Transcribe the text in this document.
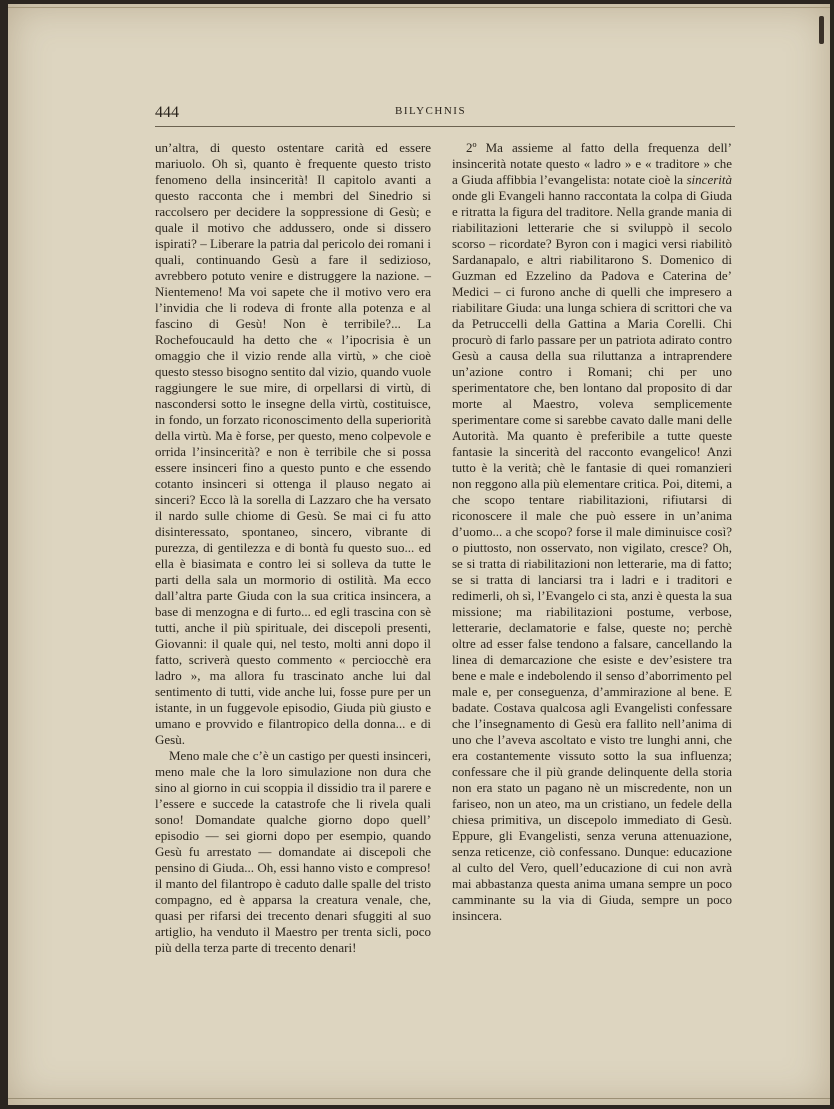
444	BILYCHNIS

un’altra, di questo ostentare carità ed essere mariuolo. Oh sì, quanto è frequente questo tristo fenomeno della insincerità! Il capitolo avanti a questo racconta che i membri del Sinedrio si raccolsero per decidere la soppressione di Gesù; e quale il motivo che addussero, onde si dissero ispirati? – Liberare la patria dal pericolo dei romani i quali, continuando Gesù a fare il sedizioso, avrebbero potuto venire e distruggere la nazione. – Nientemeno! Ma voi sapete che il motivo vero era l’invidia che li rodeva di fronte alla potenza e al fascino di Gesù! Non è terribile?... La Rochefoucauld ha detto che « l’ipocrisia è un omaggio che il vizio rende alla virtù, » che cioè questo stesso bisogno sentito dal vizio, quando vuole raggiungere le sue mire, di orpellarsi di virtù, di nascondersi sotto le insegne della virtù, costituisce, in fondo, un forzato riconoscimento della superiorità della virtù. Ma è forse, per questo, meno colpevole e orrida l’insincerità? e non è terribile che si possa essere insinceri fino a questo punto e che essendo cotanto insinceri si ottenga il plauso negato ai sinceri? Ecco là la sorella di Lazzaro che ha versato il nardo sulle chiome di Gesù. Se mai ci fu atto disinteressato, spontaneo, sincero, vibrante di purezza, di gentilezza e di bontà fu questo suo... ed ella è biasimata e contro lei si solleva da tutte le parti della sala un mormorio di ostilità. Ma ecco dall’altra parte Giuda con la sua critica insincera, a base di menzogna e di furto... ed egli trascina con sè tutti, anche il più spirituale, dei discepoli presenti, Giovanni: il quale qui, nel testo, molti anni dopo il fatto, scriverà questo commento « perciocchè era ladro », ma allora fu trascinato anche lui dal sentimento di tutti, vide anche lui, fosse pure per un istante, in un fuggevole episodio, Giuda più giusto e umano e provvido e filantropico della donna... e di Gesù.

Meno male che c’è un castigo per questi insinceri, meno male che la loro simulazione non dura che sino al giorno in cui scoppia il dissidio tra il parere e l’essere e succede la catastrofe che li rivela quali sono! Domandate qualche giorno dopo quell’ episodio — sei giorni dopo per esempio, quando Gesù fu arrestato — domandate ai discepoli che pensino di Giuda... Oh, essi hanno visto e compreso! il manto del filantropo è caduto dalle spalle del tristo compagno, ed è apparsa la creatura venale, che, quasi per rifarsi dei trecento denari sfuggiti al suo artiglio, ha venduto il Maestro per trenta sicli, poco più della terza parte di trecento denari!

2º Ma assieme al fatto della frequenza dell’ insincerità notate questo « ladro » e « traditore » che a Giuda affibbia l’evangelista: notate cioè la sincerità onde gli Evangeli hanno raccontata la colpa di Giuda e ritratta la figura del traditore. Nella grande mania di riabilitazioni letterarie che si sviluppò il secolo scorso – ricordate? Byron con i magici versi riabilitò Sardanapalo, e altri riabilitarono S. Domenico di Guzman ed Ezzelino da Padova e Caterina de’ Medici – ci furono anche di quelli che impresero a riabilitare Giuda: una lunga schiera di scrittori che va da Petruccelli della Gattina a Maria Corelli. Chi procurò di farlo passare per un patriota adirato contro Gesù a causa della sua riluttanza a intraprendere un’azione contro i Romani; chi per uno sperimentatore che, ben lontano dal proposito di dar morte al Maestro, voleva semplicemente sperimentare come si sarebbe cavato dalle mani delle Autorità. Ma quanto è preferibile a tutte queste fantasie la sincerità del racconto evangelico! Anzi tutto è la verità; chè le fantasie di quei romanzieri non reggono alla più elementare critica. Poi, ditemi, a che scopo tentare riabilitazioni, rifiutarsi di riconoscere il male che può essere in un’anima d’uomo... a che scopo? forse il male diminuisce così? o piuttosto, non osservato, non vigilato, cresce? Oh, se si tratta di riabilitazioni non letterarie, ma di fatto; se si tratta di lanciarsi tra i ladri e i traditori e redimerli, oh sì, l’Evangelo ci sta, anzi è questa la sua missione; ma riabilitazioni postume, verbose, letterarie, declamatorie e false, queste no; perchè oltre ad esser false tendono a falsare, cancellando la linea di demarcazione che esiste e dev’esistere tra bene e male e indebolendo il senso d’aborrimento pel male e, per conseguenza, d’ammirazione al bene. E badate. Costava qualcosa agli Evangelisti confessare che l’insegnamento di Gesù era fallito nell’anima di uno che l’aveva ascoltato e visto tre lunghi anni, che era costantemente vissuto sotto la sua influenza; confessare che il più grande delinquente della storia non era stato un pagano nè un miscredente, non un fariseo, non un ateo, ma un cristiano, un fedele della chiesa primitiva, un discepolo immediato di Gesù. Eppure, gli Evangelisti, senza veruna attenuazione, senza reticenze, ciò confessano. Dunque: educazione al culto del Vero, quell’educazione di cui non avrà mai abbastanza questa anima umana sempre un poco camminante su la via di Giuda, sempre un poco insincera.
